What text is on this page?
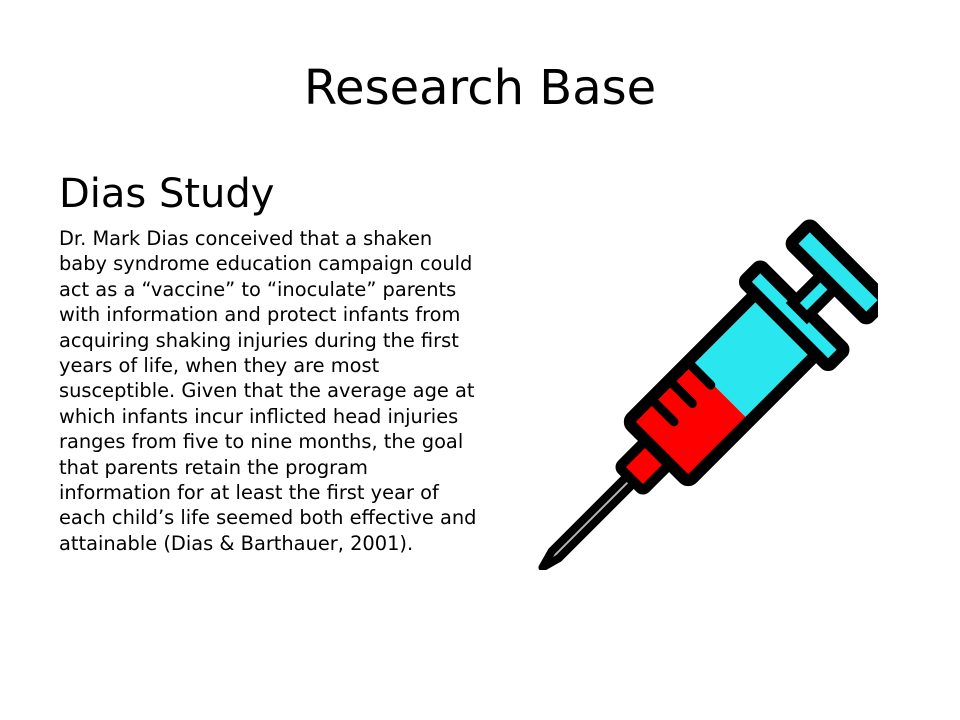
Research Base
Dias Study
Dr. Mark Dias conceived that a shaken baby syndrome education campaign could act as a “vaccine” to “inoculate” parents with information and protect infants from acquiring shaking injuries during the first years of life, when they are most susceptible. Given that the average age at which infants incur inflicted head injuries ranges from five to nine months, the goal that parents retain the program information for at least the first year of each child’s life seemed both effective and attainable (Dias & Barthauer, 2001).
